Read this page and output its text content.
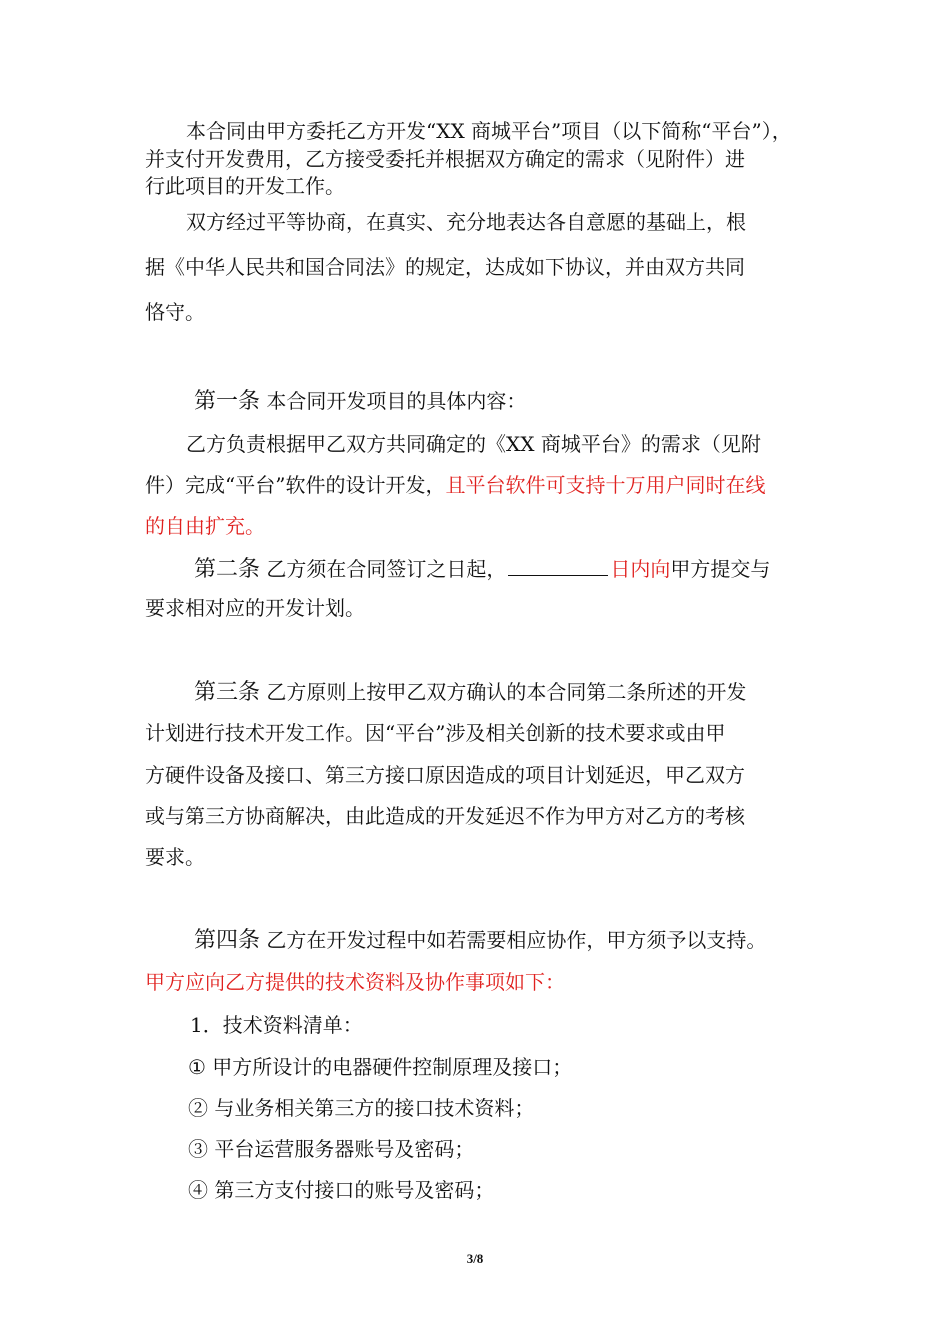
本合同由甲方委托乙方开发“XX 商城平台”项目（以下简称“平台”），
并支付开发费用，乙方接受委托并根据双方确定的需求（见附件）进
行此项目的开发工作。
双方经过平等协商，在真实、充分地表达各自意愿的基础上，根
据《中华人民共和国合同法》的规定，达成如下协议，并由双方共同
恪守。
第一条 本合同开发项目的具体内容：
乙方负责根据甲乙双方共同确定的《XX 商城平台》的需求（见附
件）完成“平台”软件的设计开发，且平台软件可支持十万用户同时在线
的自由扩充。
第二条 乙方须在合同签订之日起，	日内向甲方提交与
要求相对应的开发计划。
第三条 乙方原则上按甲乙双方确认的本合同第二条所述的开发
计划进行技术开发工作。因“平台”涉及相关创新的技术要求或由甲
方硬件设备及接口、第三方接口原因造成的项目计划延迟，甲乙双方
或与第三方协商解决，由此造成的开发延迟不作为甲方对乙方的考核
要求。
第四条 乙方在开发过程中如若需要相应协作，甲方须予以支持。
甲方应向乙方提供的技术资料及协作事项如下：
1．技术资料清单：
① 甲方所设计的电器硬件控制原理及接口；
② 与业务相关第三方的接口技术资料；
③ 平台运营服务器账号及密码；
④ 第三方支付接口的账号及密码；
3/8
